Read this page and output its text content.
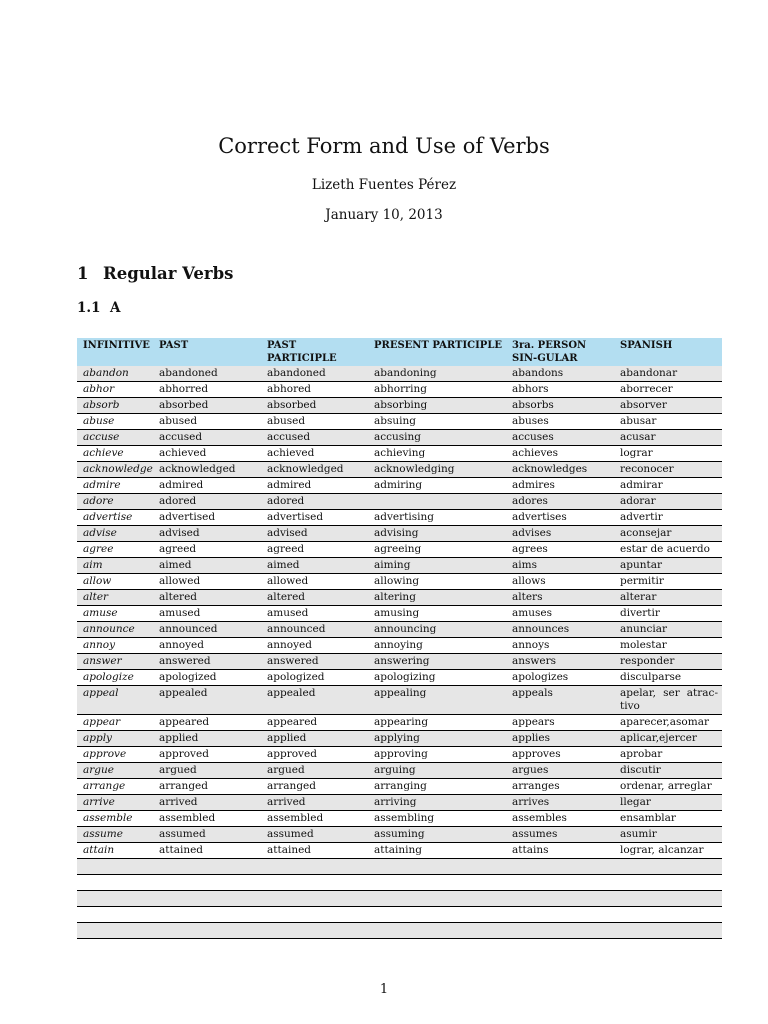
Correct Form and Use of Verbs
Lizeth Fuentes Pérez
January 10, 2013
1 Regular Verbs
1.1 A
INFINITIVE	PAST	PAST PARTICIPLE	PRESENT PARTICIPLE	3ra. PERSON SIN-GULAR	SPANISH
abandon	abandoned	abandoned	abandoning	abandons	abandonar
abhor	abhorred	abhored	abhorring	abhors	aborrecer
absorb	absorbed	absorbed	absorbing	absorbs	absorver
abuse	abused	abused	absuing	abuses	abusar
accuse	accused	accused	accusing	accuses	acusar
achieve	achieved	achieved	achieving	achieves	lograr
acknowledge	acknowledged	acknowledged	acknowledging	acknowledges	reconocer
admire	admired	admired	admiring	admires	admirar
adore	adored	adored		adores	adorar
advertise	advertised	advertised	advertising	advertises	advertir
advise	advised	advised	advising	advises	aconsejar
agree	agreed	agreed	agreeing	agrees	estar de acuerdo
aim	aimed	aimed	aiming	aims	apuntar
allow	allowed	allowed	allowing	allows	permitir
alter	altered	altered	altering	alters	alterar
amuse	amused	amused	amusing	amuses	divertir
announce	announced	announced	announcing	announces	anunciar
annoy	annoyed	annoyed	annoying	annoys	molestar
answer	answered	answered	answering	answers	responder
apologize	apologized	apologized	apologizing	apologizes	disculparse
appeal	appealed	appealed	appealing	appeals	apelar, ser atrac-tivo
appear	appeared	appeared	appearing	appears	aparecer,asomar
apply	applied	applied	applying	applies	aplicar,ejercer
approve	approved	approved	approving	approves	aprobar
argue	argued	argued	arguing	argues	discutir
arrange	arranged	arranged	arranging	arranges	ordenar, arreglar
arrive	arrived	arrived	arriving	arrives	llegar
assemble	assembled	assembled	assembling	assembles	ensamblar
assume	assumed	assumed	assuming	assumes	asumir
attain	attained	attained	attaining	attains	lograr, alcanzar

1
